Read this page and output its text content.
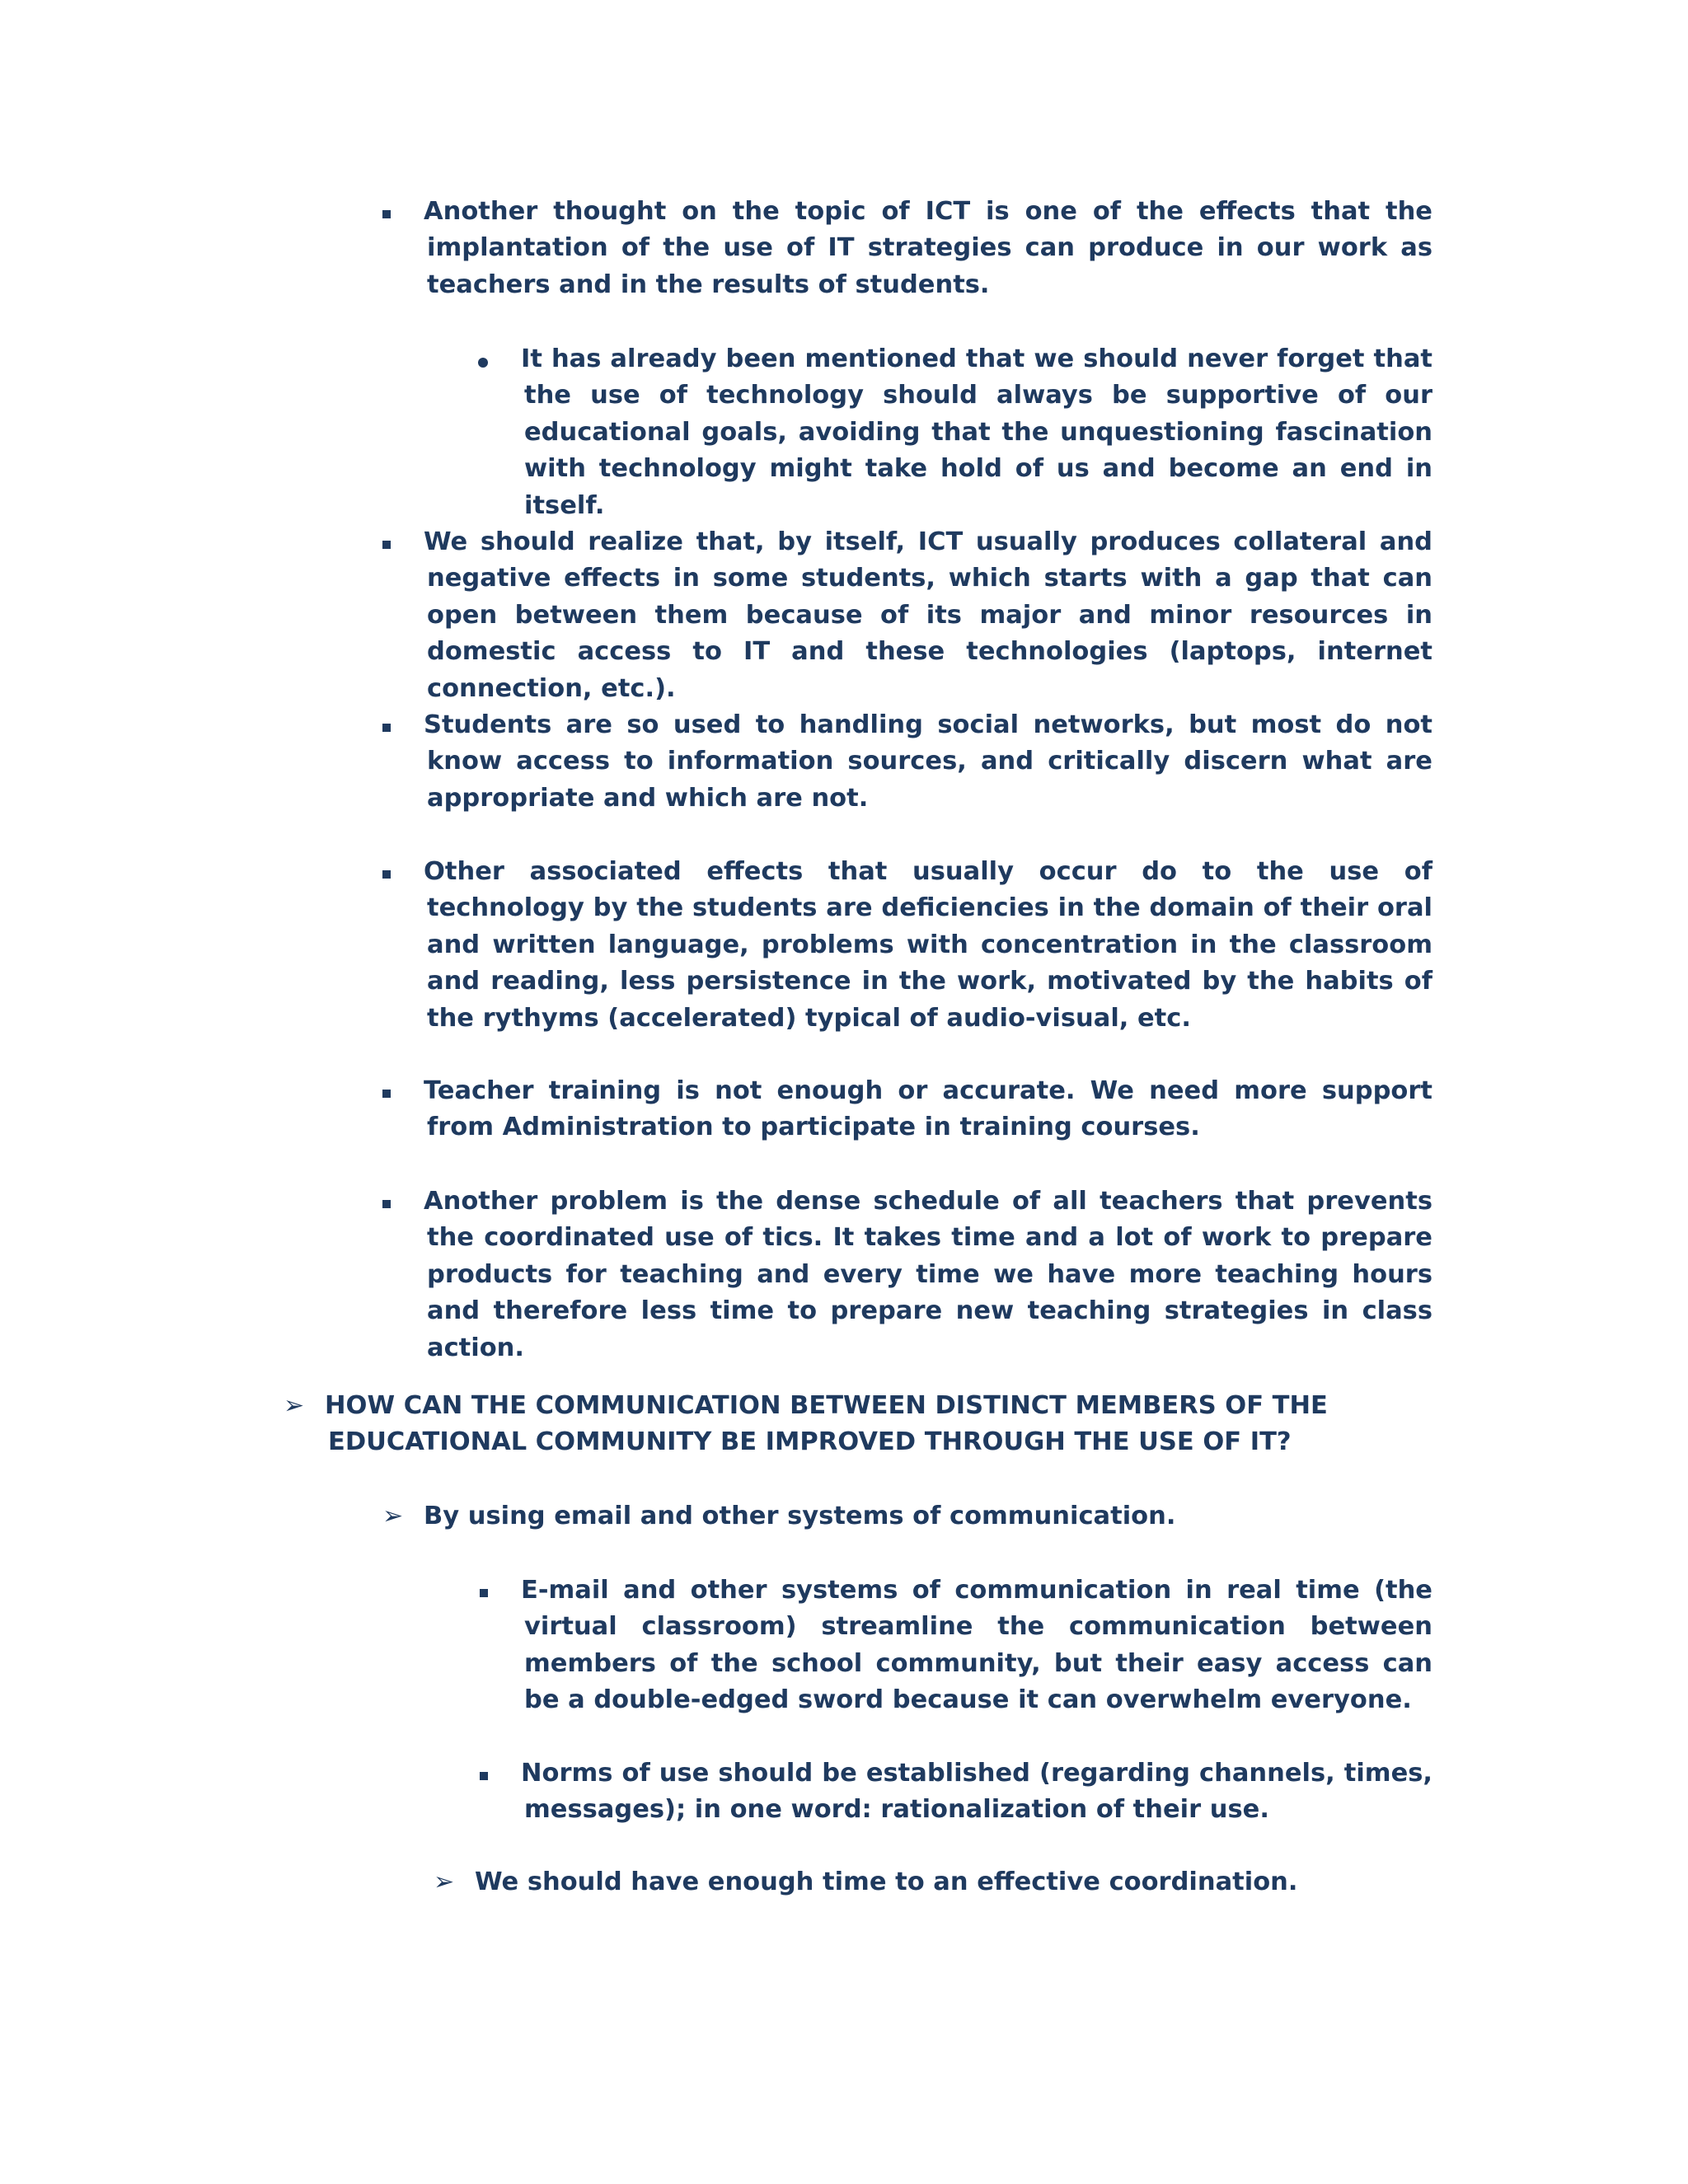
Another thought on the topic of ICT is one of the effects that the implantation of the use of IT strategies can produce in our work as teachers and in the results of students.
It has already been mentioned that we should never forget that the use of technology should always be supportive of our educational goals, avoiding that the unquestioning fascination with technology might take hold of us and become an end in itself.
We should realize that, by itself, ICT usually produces collateral and negative effects in some students, which starts with a gap that can open between them because of its major and minor resources in domestic access to IT and these technologies (laptops, internet connection, etc.).
Students are so used to handling social networks, but most do not know access to information sources, and critically discern what are appropriate and which are not.
Other associated effects that usually occur do to the use of technology by the students are deficiencies in the domain of their oral and written language, problems with concentration in the classroom and reading, less persistence in the work, motivated by the habits of the rythyms (accelerated) typical of audio-visual, etc.
Teacher training is not enough or accurate. We need more support from Administration to participate in training courses.
Another problem is the dense schedule of all teachers that prevents the coordinated use of tics. It takes time and a lot of work to prepare products for teaching and every time we have more teaching hours and therefore less time to prepare new teaching strategies in class action.
➢ HOW CAN THE COMMUNICATION BETWEEN DISTINCT MEMBERS OF THE EDUCATIONAL COMMUNITY BE IMPROVED THROUGH THE USE OF IT?
➢ By using email and other systems of communication.
E-mail and other systems of communication in real time (the virtual classroom) streamline the communication between members of the school community, but their easy access can be a double-edged sword because it can overwhelm everyone.
Norms of use should be established (regarding channels, times, messages); in one word: rationalization of their use.
➢ We should have enough time to an effective coordination.
